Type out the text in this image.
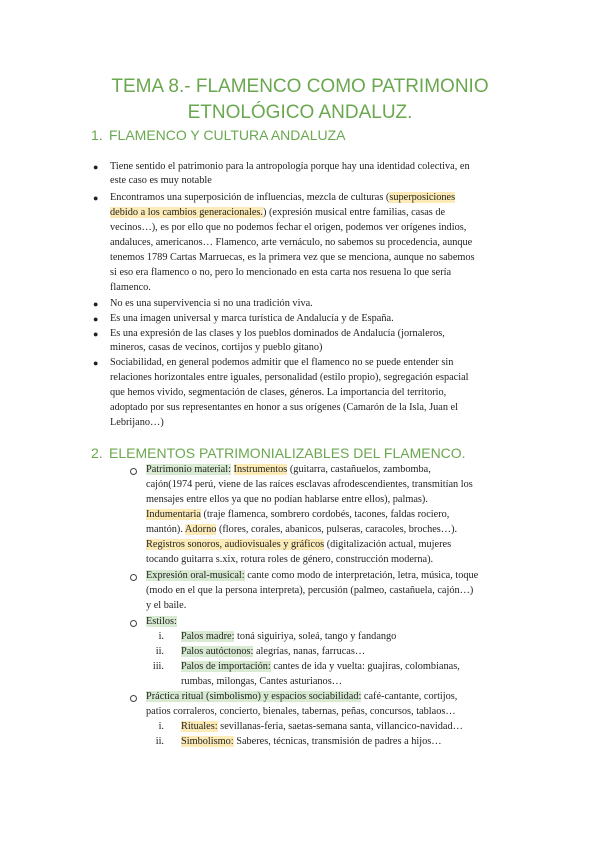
TEMA 8.- FLAMENCO COMO PATRIMONIO
ETNOLÓGICO ANDALUZ.
1. FLAMENCO Y CULTURA ANDALUZA
● Tiene sentido el patrimonio para la antropología porque hay una identidad colectiva, en
este caso es muy notable
● Encontramos una superposición de influencias, mezcla de culturas (superposiciones
debido a los cambios generacionales.) (expresión musical entre familias, casas de
vecinos…), es por ello que no podemos fechar el origen, podemos ver orígenes indios,
andaluces, americanos… Flamenco, arte vernáculo, no sabemos su procedencia, aunque
tenemos 1789 Cartas Marruecas, es la primera vez que se menciona, aunque no sabemos
si eso era flamenco o no, pero lo mencionado en esta carta nos resuena lo que sería
flamenco.
● No es una supervivencia si no una tradición viva.
● Es una imagen universal y marca turística de Andalucía y de España.
● Es una expresión de las clases y los pueblos dominados de Andalucía (jornaleros,
mineros, casas de vecinos, cortijos y pueblo gitano)
● Sociabilidad, en general podemos admitir que el flamenco no se puede entender sin
relaciones horizontales entre iguales, personalidad (estilo propio), segregación espacial
que hemos vivido, segmentación de clases, géneros. La importancia del territorio,
adoptado por sus representantes en honor a sus orígenes (Camarón de la Isla, Juan el
Lebrijano…)
2. ELEMENTOS PATRIMONIALIZABLES DEL FLAMENCO.
Patrimonio material: Instrumentos (guitarra, castañuelos, zambomba,
cajón(1974 perú, viene de las raíces esclavas afrodescendientes, transmitían los
mensajes entre ellos ya que no podían hablarse entre ellos), palmas).
Indumentaria (traje flamenca, sombrero cordobés, tacones, faldas rociero,
mantón). Adorno (flores, corales, abanicos, pulseras, caracoles, broches…).
Registros sonoros, audiovisuales y gráficos (digitalización actual, mujeres
tocando guitarra s.xix, rotura roles de género, construcción moderna).
Expresión oral-musical: cante como modo de interpretación, letra, música, toque
(modo en el que la persona interpreta), percusión (palmeo, castañuela, cajón…)
y el baile.
Estilos:
i. Palos madre: toná siguiriya, soleá, tango y fandango
ii. Palos autóctonos: alegrías, nanas, farrucas…
iii. Palos de importación: cantes de ida y vuelta: guajiras, colombianas,
rumbas, milongas, Cantes asturianos…
Práctica ritual (simbolismo) y espacios sociabilidad: café-cantante, cortijos,
patios corraleros, concierto, bienales, tabernas, peñas, concursos, tablaos…
i. Rituales: sevillanas-feria, saetas-semana santa, villancico-navidad…
ii. Simbolismo: Saberes, técnicas, transmisión de padres a hijos…
